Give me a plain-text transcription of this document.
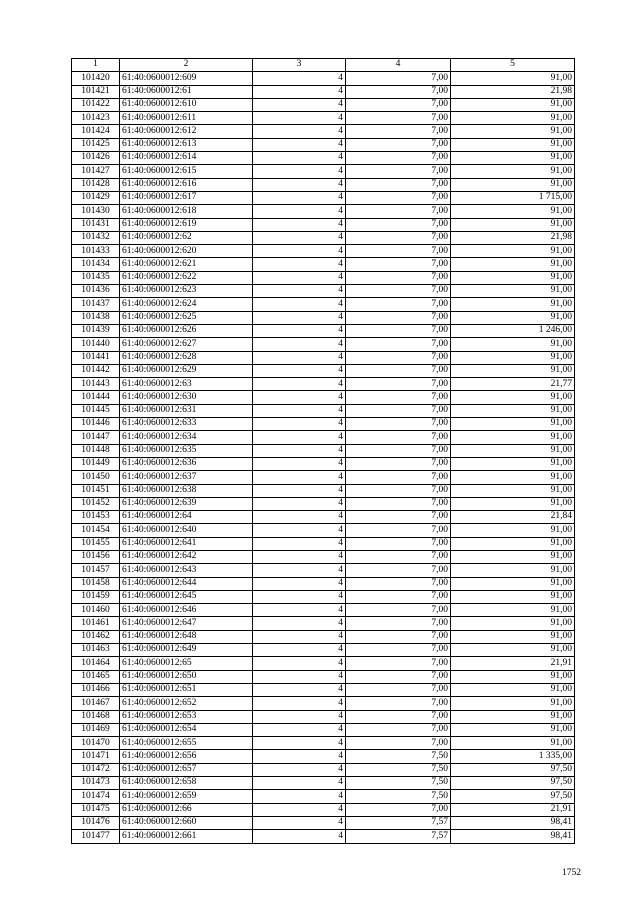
1	2	3	4	5
101420	61:40:0600012:609	4	7,00	91,00
101421	61:40:0600012:61	4	7,00	21,98
101422	61:40:0600012:610	4	7,00	91,00
101423	61:40:0600012:611	4	7,00	91,00
101424	61:40:0600012:612	4	7,00	91,00
101425	61:40:0600012:613	4	7,00	91,00
101426	61:40:0600012:614	4	7,00	91,00
101427	61:40:0600012:615	4	7,00	91,00
101428	61:40:0600012:616	4	7,00	91,00
101429	61:40:0600012:617	4	7,00	1 715,00
101430	61:40:0600012:618	4	7,00	91,00
101431	61:40:0600012:619	4	7,00	91,00
101432	61:40:0600012:62	4	7,00	21,98
101433	61:40:0600012:620	4	7,00	91,00
101434	61:40:0600012:621	4	7,00	91,00
101435	61:40:0600012:622	4	7,00	91,00
101436	61:40:0600012:623	4	7,00	91,00
101437	61:40:0600012:624	4	7,00	91,00
101438	61:40:0600012:625	4	7,00	91,00
101439	61:40:0600012:626	4	7,00	1 246,00
101440	61:40:0600012:627	4	7,00	91,00
101441	61:40:0600012:628	4	7,00	91,00
101442	61:40:0600012:629	4	7,00	91,00
101443	61:40:0600012:63	4	7,00	21,77
101444	61:40:0600012:630	4	7,00	91,00
101445	61:40:0600012:631	4	7,00	91,00
101446	61:40:0600012:633	4	7,00	91,00
101447	61:40:0600012:634	4	7,00	91,00
101448	61:40:0600012:635	4	7,00	91,00
101449	61:40:0600012:636	4	7,00	91,00
101450	61:40:0600012:637	4	7,00	91,00
101451	61:40:0600012:638	4	7,00	91,00
101452	61:40:0600012:639	4	7,00	91,00
101453	61:40:0600012:64	4	7,00	21,84
101454	61:40:0600012:640	4	7,00	91,00
101455	61:40:0600012:641	4	7,00	91,00
101456	61:40:0600012:642	4	7,00	91,00
101457	61:40:0600012:643	4	7,00	91,00
101458	61:40:0600012:644	4	7,00	91,00
101459	61:40:0600012:645	4	7,00	91,00
101460	61:40:0600012:646	4	7,00	91,00
101461	61:40:0600012:647	4	7,00	91,00
101462	61:40:0600012:648	4	7,00	91,00
101463	61:40:0600012:649	4	7,00	91,00
101464	61:40:0600012:65	4	7,00	21,91
101465	61:40:0600012:650	4	7,00	91,00
101466	61:40:0600012:651	4	7,00	91,00
101467	61:40:0600012:652	4	7,00	91,00
101468	61:40:0600012:653	4	7,00	91,00
101469	61:40:0600012:654	4	7,00	91,00
101470	61:40:0600012:655	4	7,00	91,00
101471	61:40:0600012:656	4	7,50	1 335,00
101472	61:40:0600012:657	4	7,50	97,50
101473	61:40:0600012:658	4	7,50	97,50
101474	61:40:0600012:659	4	7,50	97,50
101475	61:40:0600012:66	4	7,00	21,91
101476	61:40:0600012:660	4	7,57	98,41
101477	61:40:0600012:661	4	7,57	98,41
1752
